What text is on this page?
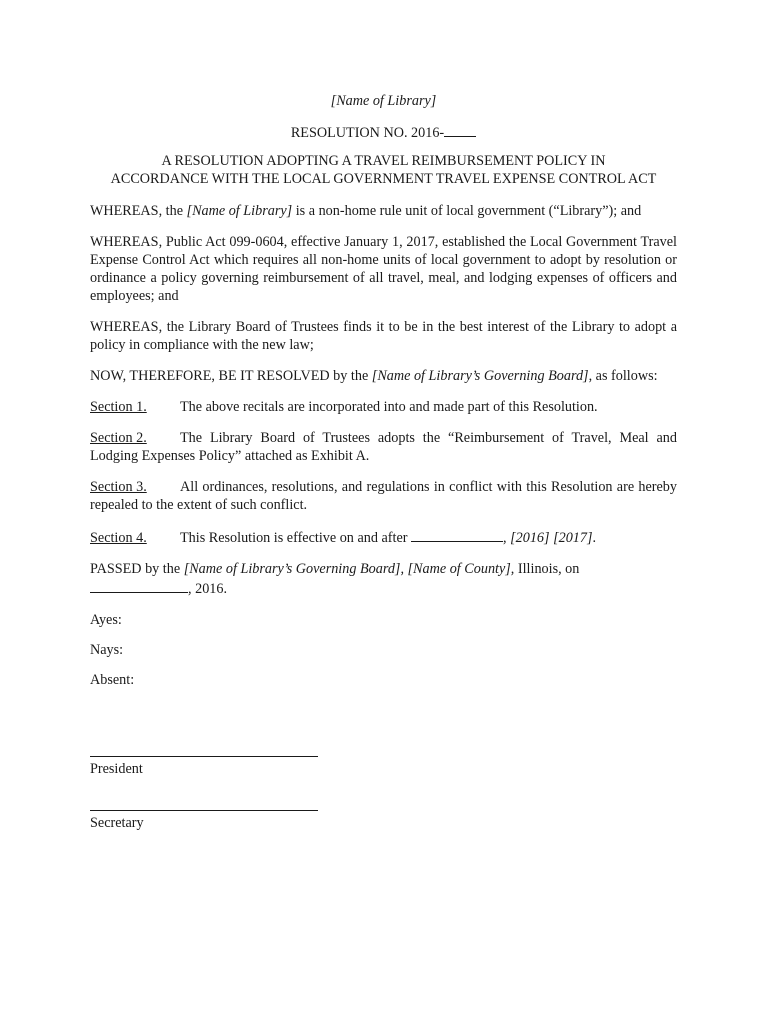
[Name of Library]
RESOLUTION NO. 2016-
A RESOLUTION ADOPTING A TRAVEL REIMBURSEMENT POLICY IN
ACCORDANCE WITH THE LOCAL GOVERNMENT TRAVEL EXPENSE CONTROL ACT

WHEREAS, the [Name of Library] is a non-home rule unit of local government (“Library”); and

WHEREAS, Public Act 099-0604, effective January 1, 2017, established the Local Government Travel Expense Control Act which requires all non-home units of local government to adopt by resolution or ordinance a policy governing reimbursement of all travel, meal, and lodging expenses of officers and employees; and

WHEREAS, the Library Board of Trustees finds it to be in the best interest of the Library to adopt a policy in compliance with the new law;

NOW, THEREFORE, BE IT RESOLVED by the [Name of Library’s Governing Board], as follows:

Section 1. The above recitals are incorporated into and made part of this Resolution.

Section 2. The Library Board of Trustees adopts the “Reimbursement of Travel, Meal and Lodging Expenses Policy” attached as Exhibit A.

Section 3. All ordinances, resolutions, and regulations in conflict with this Resolution are hereby repealed to the extent of such conflict.

Section 4. This Resolution is effective on and after	, [2016] [2017].

PASSED by the [Name of Library’s Governing Board], [Name of County], Illinois, on
, 2016.

Ayes:
Nays:
Absent:
President
Secretary
